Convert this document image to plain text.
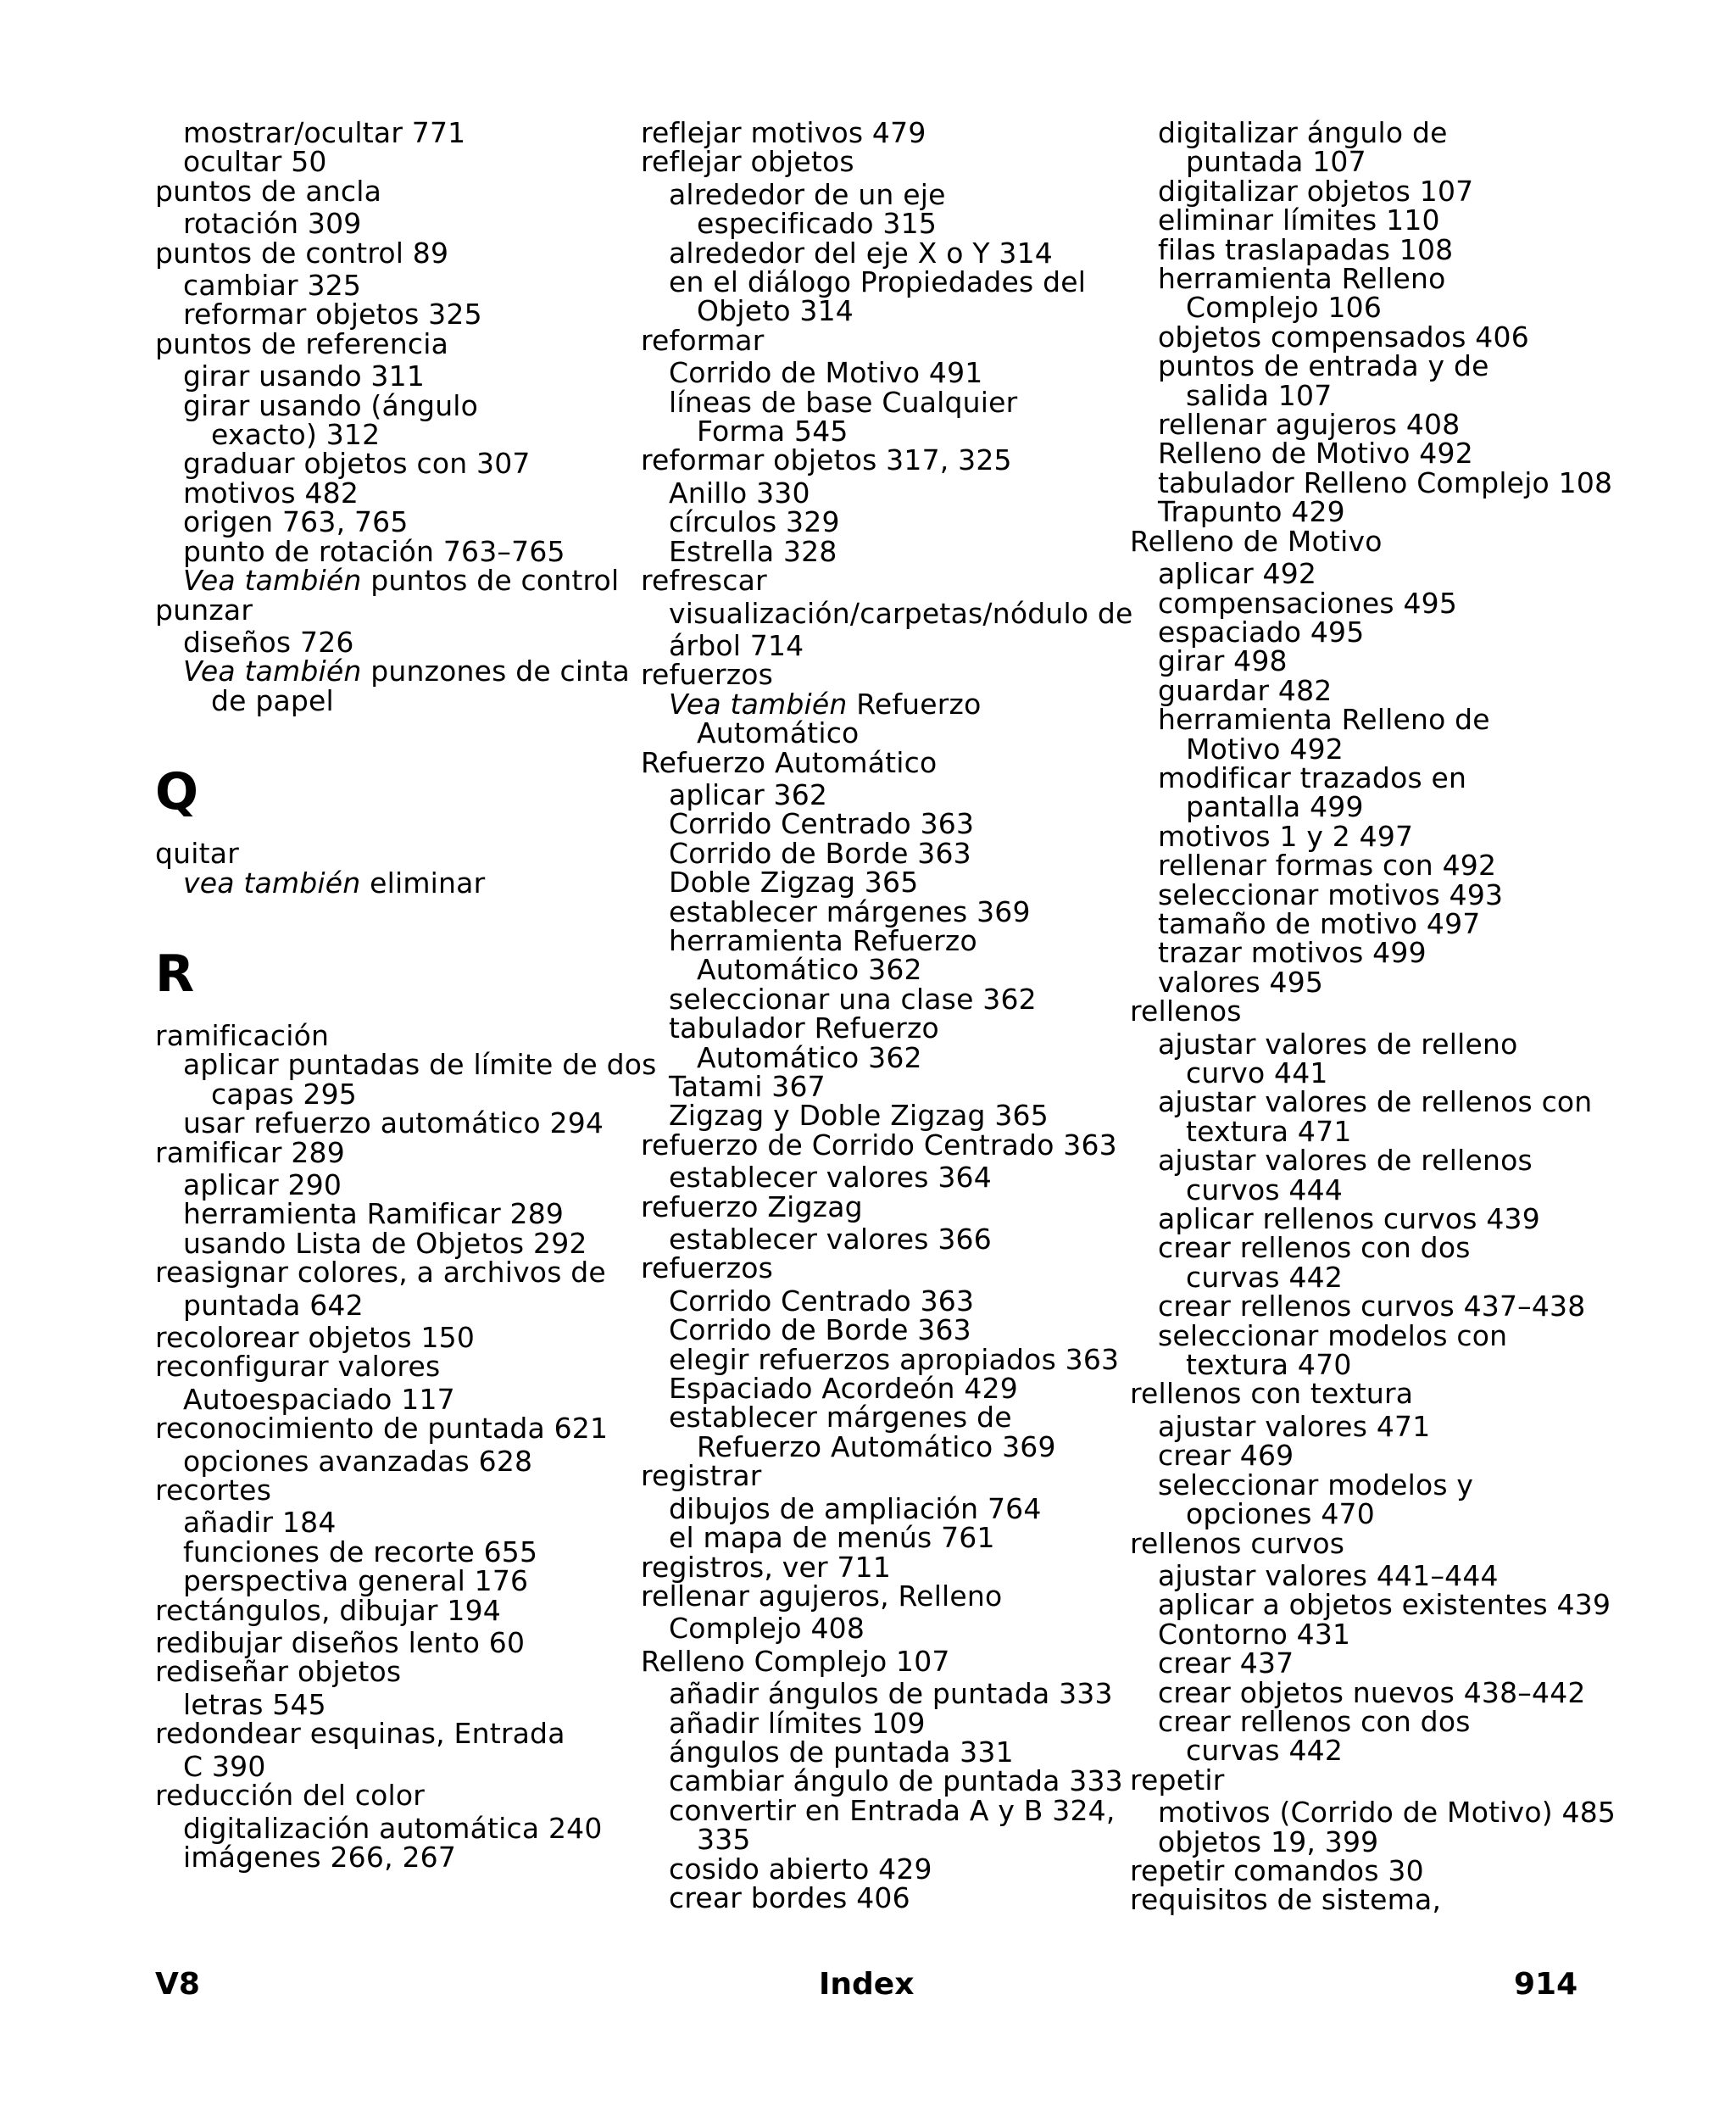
mostrar/ocultar 771
ocultar 50
puntos de ancla
rotación 309
puntos de control 89
cambiar 325
reformar objetos 325
puntos de referencia
girar usando 311
girar usando (ángulo
exacto) 312
graduar objetos con 307
motivos 482
origen 763, 765
punto de rotación 763–765
Vea también puntos de control
punzar
diseños 726
Vea también punzones de cinta
de papel
Q
quitar
vea también eliminar
R
ramificación
aplicar puntadas de límite de dos
capas 295
usar refuerzo automático 294
ramificar 289
aplicar 290
herramienta Ramificar 289
usando Lista de Objetos 292
reasignar colores, a archivos de
puntada 642
recolorear objetos 150
reconfigurar valores
Autoespaciado 117
reconocimiento de puntada 621
opciones avanzadas 628
recortes
añadir 184
funciones de recorte 655
perspectiva general 176
rectángulos, dibujar 194
redibujar diseños lento 60
rediseñar objetos
letras 545
redondear esquinas, Entrada
C 390
reducción del color
digitalización automática 240
imágenes 266, 267
reflejar motivos 479
reflejar objetos
alrededor de un eje
especificado 315
alrededor del eje X o Y 314
en el diálogo Propiedades del
Objeto 314
reformar
Corrido de Motivo 491
líneas de base Cualquier
Forma 545
reformar objetos 317, 325
Anillo 330
círculos 329
Estrella 328
refrescar
visualización/carpetas/nódulo de
árbol 714
refuerzos
Vea también Refuerzo
Automático
Refuerzo Automático
aplicar 362
Corrido Centrado 363
Corrido de Borde 363
Doble Zigzag 365
establecer márgenes 369
herramienta Refuerzo
Automático 362
seleccionar una clase 362
tabulador Refuerzo
Automático 362
Tatami 367
Zigzag y Doble Zigzag 365
refuerzo de Corrido Centrado 363
establecer valores 364
refuerzo Zigzag
establecer valores 366
refuerzos
Corrido Centrado 363
Corrido de Borde 363
elegir refuerzos apropiados 363
Espaciado Acordeón 429
establecer márgenes de
Refuerzo Automático 369
registrar
dibujos de ampliación 764
el mapa de menús 761
registros, ver 711
rellenar agujeros, Relleno
Complejo 408
Relleno Complejo 107
añadir ángulos de puntada 333
añadir límites 109
ángulos de puntada 331
cambiar ángulo de puntada 333
convertir en Entrada A y B 324,
335
cosido abierto 429
crear bordes 406
digitalizar ángulo de
puntada 107
digitalizar objetos 107
eliminar límites 110
filas traslapadas 108
herramienta Relleno
Complejo 106
objetos compensados 406
puntos de entrada y de
salida 107
rellenar agujeros 408
Relleno de Motivo 492
tabulador Relleno Complejo 108
Trapunto 429
Relleno de Motivo
aplicar 492
compensaciones 495
espaciado 495
girar 498
guardar 482
herramienta Relleno de
Motivo 492
modificar trazados en
pantalla 499
motivos 1 y 2 497
rellenar formas con 492
seleccionar motivos 493
tamaño de motivo 497
trazar motivos 499
valores 495
rellenos
ajustar valores de relleno
curvo 441
ajustar valores de rellenos con
textura 471
ajustar valores de rellenos
curvos 444
aplicar rellenos curvos 439
crear rellenos con dos
curvas 442
crear rellenos curvos 437–438
seleccionar modelos con
textura 470
rellenos con textura
ajustar valores 471
crear 469
seleccionar modelos y
opciones 470
rellenos curvos
ajustar valores 441–444
aplicar a objetos existentes 439
Contorno 431
crear 437
crear objetos nuevos 438–442
crear rellenos con dos
curvas 442
repetir
motivos (Corrido de Motivo) 485
objetos 19, 399
repetir comandos 30
requisitos de sistema,
V8	Index	914
